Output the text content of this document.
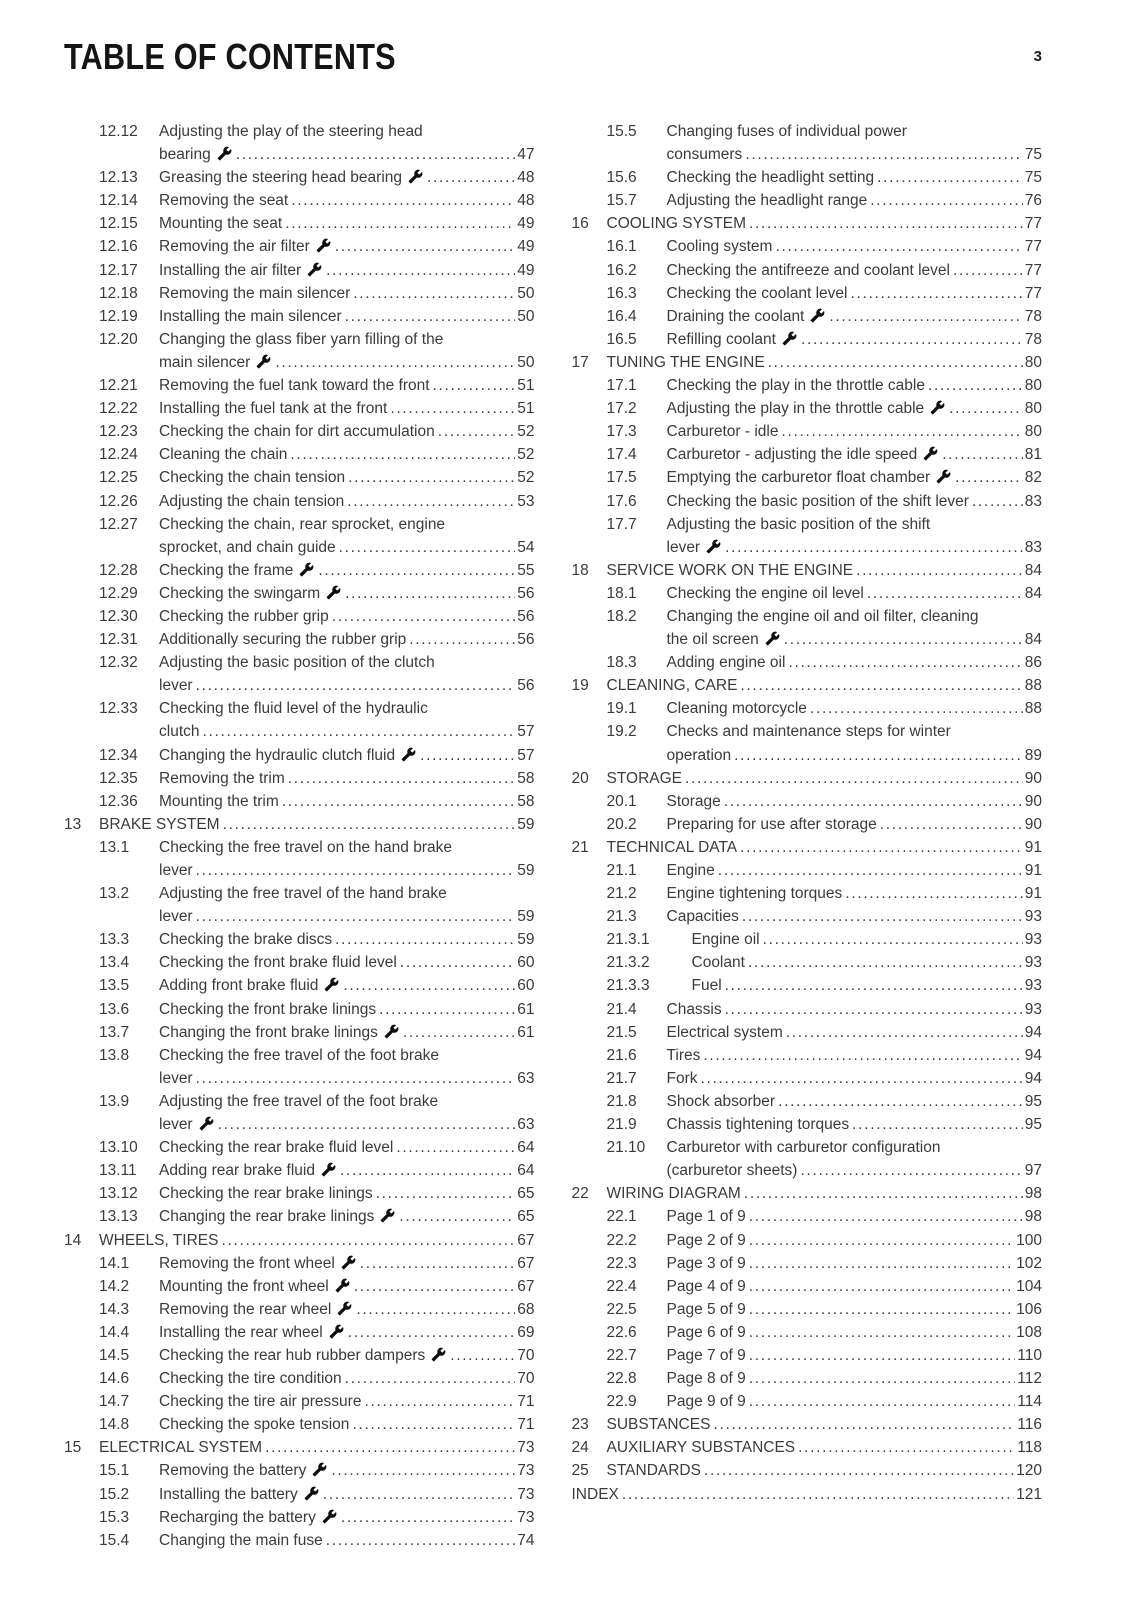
TABLE OF CONTENTS	3
12.12	Adjusting the play of the steering head
bearing .....	47
12.13	Greasing the steering head bearing .....	48
12.14	Removing the seat .....	48
12.15	Mounting the seat .....	49
12.16	Removing the air filter .....	49
12.17	Installing the air filter .....	49
12.18	Removing the main silencer .....	50
12.19	Installing the main silencer .....	50
12.20	Changing the glass fiber yarn filling of the
main silencer .....	50
12.21	Removing the fuel tank toward the front .....	51
12.22	Installing the fuel tank at the front .....	51
12.23	Checking the chain for dirt accumulation .....	52
12.24	Cleaning the chain .....	52
12.25	Checking the chain tension .....	52
12.26	Adjusting the chain tension .....	53
12.27	Checking the chain, rear sprocket, engine
sprocket, and chain guide .....	54
12.28	Checking the frame .....	55
12.29	Checking the swingarm .....	56
12.30	Checking the rubber grip .....	56
12.31	Additionally securing the rubber grip .....	56
12.32	Adjusting the basic position of the clutch
lever .....	56
12.33	Checking the fluid level of the hydraulic
clutch .....	57
12.34	Changing the hydraulic clutch fluid .....	57
12.35	Removing the trim .....	58
12.36	Mounting the trim .....	58
13	BRAKE SYSTEM .....	59
13.1	Checking the free travel on the hand brake
lever .....	59
13.2	Adjusting the free travel of the hand brake
lever .....	59
13.3	Checking the brake discs .....	59
13.4	Checking the front brake fluid level .....	60
13.5	Adding front brake fluid .....	60
13.6	Checking the front brake linings .....	61
13.7	Changing the front brake linings .....	61
13.8	Checking the free travel of the foot brake
lever .....	63
13.9	Adjusting the free travel of the foot brake
lever .....	63
13.10	Checking the rear brake fluid level .....	64
13.11	Adding rear brake fluid .....	64
13.12	Checking the rear brake linings .....	65
13.13	Changing the rear brake linings .....	65
14	WHEELS, TIRES .....	67
14.1	Removing the front wheel .....	67
14.2	Mounting the front wheel .....	67
14.3	Removing the rear wheel .....	68
14.4	Installing the rear wheel .....	69
14.5	Checking the rear hub rubber dampers .....	70
14.6	Checking the tire condition .....	70
14.7	Checking the tire air pressure .....	71
14.8	Checking the spoke tension .....	71
15	ELECTRICAL SYSTEM .....	73
15.1	Removing the battery .....	73
15.2	Installing the battery .....	73
15.3	Recharging the battery .....	73
15.4	Changing the main fuse .....	74
15.5	Changing fuses of individual power
consumers .....	75
15.6	Checking the headlight setting .....	75
15.7	Adjusting the headlight range .....	76
16	COOLING SYSTEM .....	77
16.1	Cooling system .....	77
16.2	Checking the antifreeze and coolant level .....	77
16.3	Checking the coolant level .....	77
16.4	Draining the coolant .....	78
16.5	Refilling coolant .....	78
17	TUNING THE ENGINE .....	80
17.1	Checking the play in the throttle cable .....	80
17.2	Adjusting the play in the throttle cable .....	80
17.3	Carburetor - idle .....	80
17.4	Carburetor - adjusting the idle speed .....	81
17.5	Emptying the carburetor float chamber .....	82
17.6	Checking the basic position of the shift lever .....	83
17.7	Adjusting the basic position of the shift
lever .....	83
18	SERVICE WORK ON THE ENGINE .....	84
18.1	Checking the engine oil level .....	84
18.2	Changing the engine oil and oil filter, cleaning
the oil screen .....	84
18.3	Adding engine oil .....	86
19	CLEANING, CARE .....	88
19.1	Cleaning motorcycle .....	88
19.2	Checks and maintenance steps for winter
operation .....	89
20	STORAGE .....	90
20.1	Storage .....	90
20.2	Preparing for use after storage .....	90
21	TECHNICAL DATA .....	91
21.1	Engine .....	91
21.2	Engine tightening torques .....	91
21.3	Capacities .....	93
21.3.1	Engine oil .....	93
21.3.2	Coolant .....	93
21.3.3	Fuel .....	93
21.4	Chassis .....	93
21.5	Electrical system .....	94
21.6	Tires .....	94
21.7	Fork .....	94
21.8	Shock absorber .....	95
21.9	Chassis tightening torques .....	95
21.10	Carburetor with carburetor configuration
(carburetor sheets) .....	97
22	WIRING DIAGRAM .....	98
22.1	Page 1 of 9 .....	98
22.2	Page 2 of 9 .....	100
22.3	Page 3 of 9 .....	102
22.4	Page 4 of 9 .....	104
22.5	Page 5 of 9 .....	106
22.6	Page 6 of 9 .....	108
22.7	Page 7 of 9 .....	110
22.8	Page 8 of 9 .....	112
22.9	Page 9 of 9 .....	114
23	SUBSTANCES .....	116
24	AUXILIARY SUBSTANCES .....	118
25	STANDARDS .....	120
INDEX .....	121
